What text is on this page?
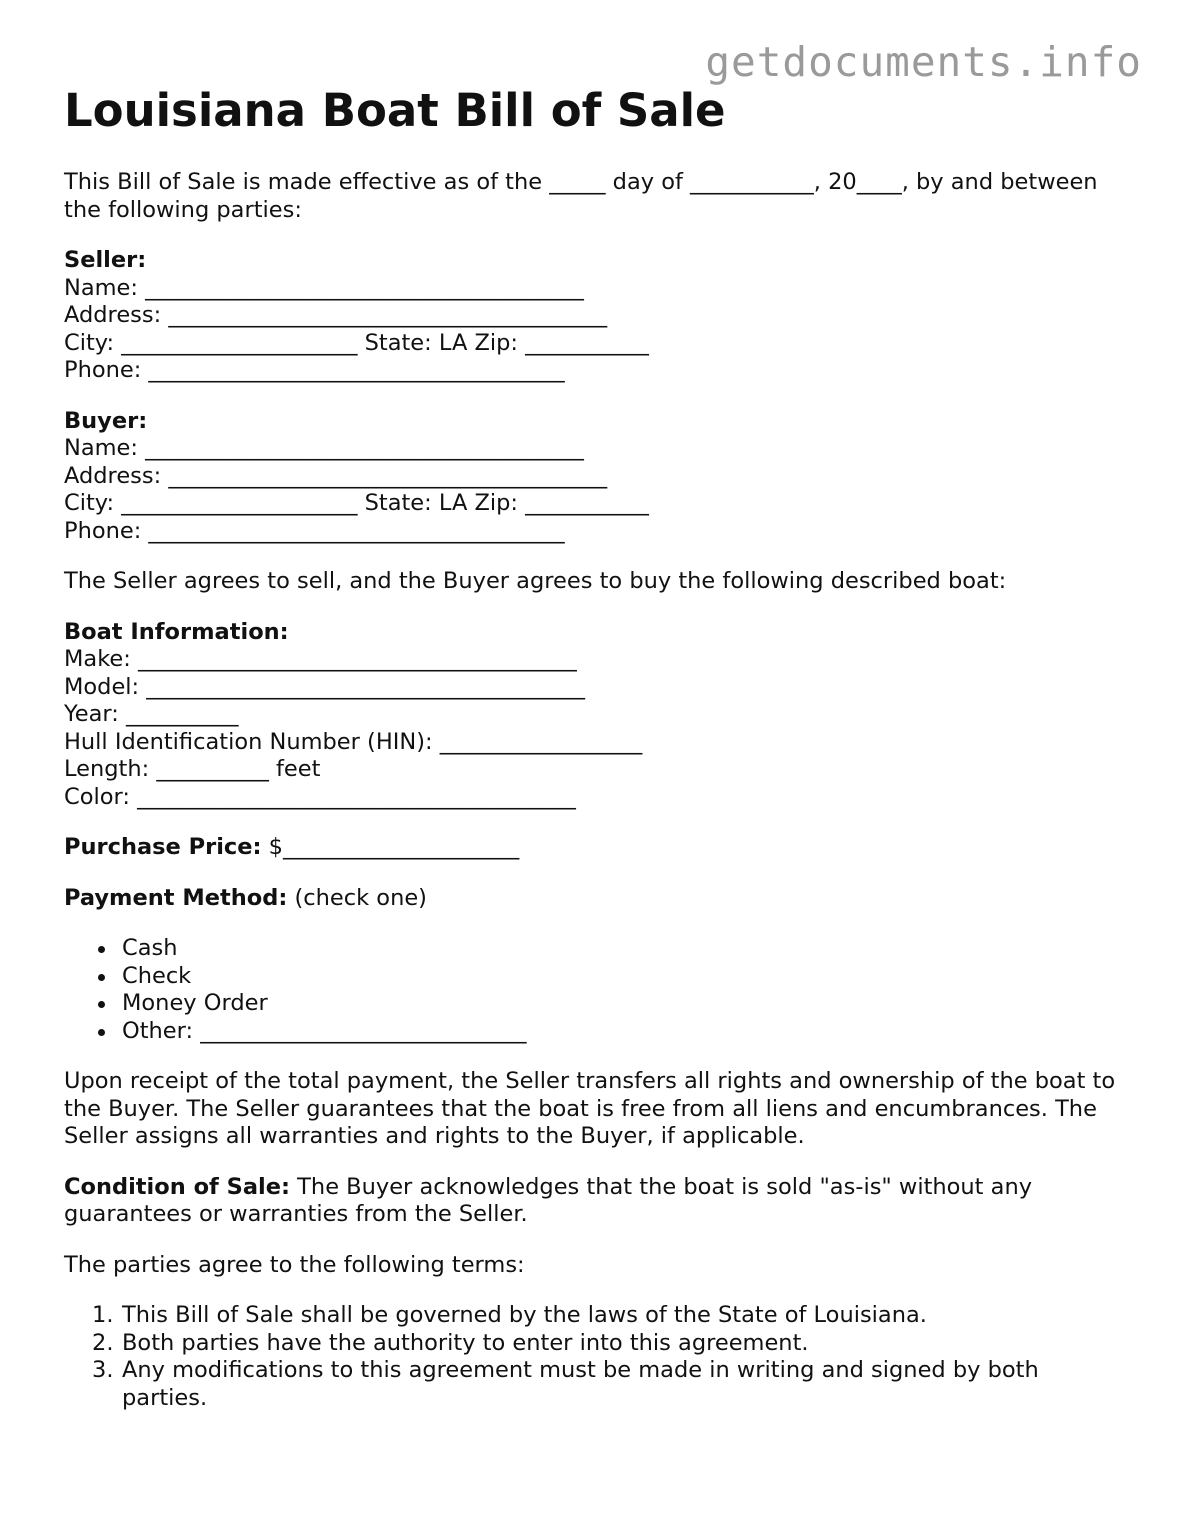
getdocuments.info
Louisiana Boat Bill of Sale

This Bill of Sale is made effective as of the _____ day of ___________, 20____, by and between the following parties:

Seller:
Name: _______________________________________
Address: _______________________________________
City: _____________________ State: LA Zip: ___________
Phone: _____________________________________
Buyer:
Name: _______________________________________
Address: _______________________________________
City: _____________________ State: LA Zip: ___________
Phone: _____________________________________

The Seller agrees to sell, and the Buyer agrees to buy the following described boat:

Boat Information:
Make: _______________________________________
Model: _______________________________________
Year: __________
Hull Identification Number (HIN): __________________
Length: __________ feet
Color: _______________________________________

Purchase Price: $_____________________

Payment Method: (check one)

Cash
Check
Money Order
Other: _____________________________

Upon receipt of the total payment, the Seller transfers all rights and ownership of the boat to the Buyer. The Seller guarantees that the boat is free from all liens and encumbrances. The Seller assigns all warranties and rights to the Buyer, if applicable.

Condition of Sale: The Buyer acknowledges that the boat is sold "as-is" without any guarantees or warranties from the Seller.

The parties agree to the following terms:

1. This Bill of Sale shall be governed by the laws of the State of Louisiana.
2. Both parties have the authority to enter into this agreement.
3. Any modifications to this agreement must be made in writing and signed by both parties.
